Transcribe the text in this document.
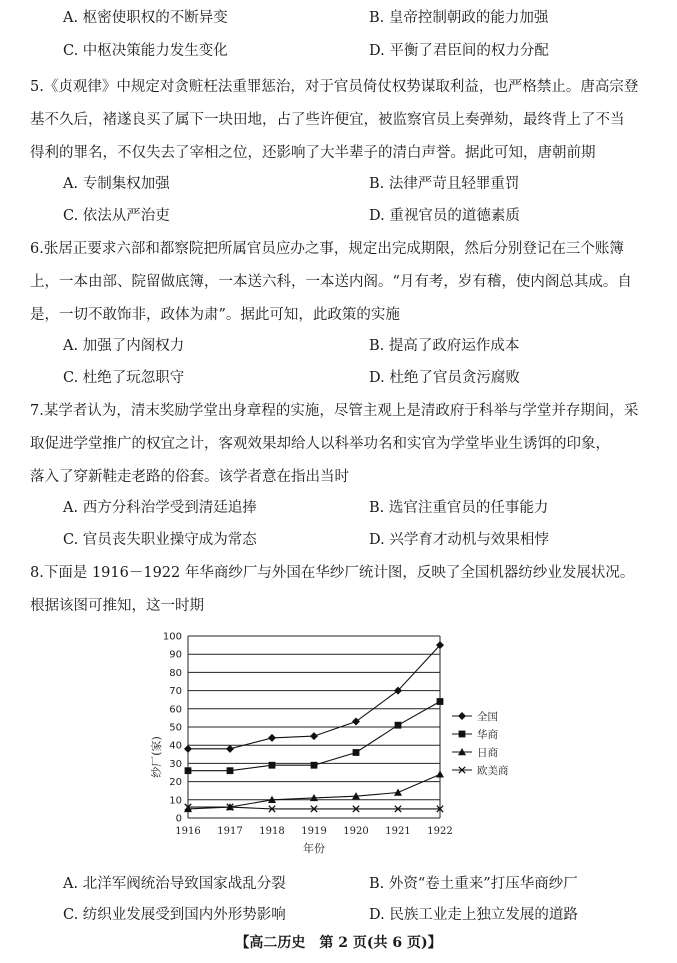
A. 枢密使职权的不断异变	B. 皇帝控制朝政的能力加强
C. 中枢决策能力发生变化	D. 平衡了君臣间的权力分配
5.《贞观律》中规定对贪赃枉法重罪惩治，对于官员倚仗权势谋取利益，也严格禁止。唐高宗登
基不久后，褚遂良买了属下一块田地，占了些许便宜，被监察官员上奏弹劾，最终背上了不当
得利的罪名，不仅失去了宰相之位，还影响了大半辈子的清白声誉。据此可知，唐朝前期
A. 专制集权加强	B. 法律严苛且轻罪重罚
C. 依法从严治吏	D. 重视官员的道德素质
6.张居正要求六部和都察院把所属官员应办之事，规定出完成期限，然后分别登记在三个账簿
上，一本由部、院留做底簿，一本送六科，一本送内阁。“月有考，岁有稽，使内阁总其成。自
是，一切不敢饰非，政体为肃”。据此可知，此政策的实施
A. 加强了内阁权力	B. 提高了政府运作成本
C. 杜绝了玩忽职守	D. 杜绝了官员贪污腐败
7.某学者认为，清末奖励学堂出身章程的实施，尽管主观上是清政府于科举与学堂并存期间，采
取促进学堂推广的权宜之计，客观效果却给人以科举功名和实官为学堂毕业生诱饵的印象，
落入了穿新鞋走老路的俗套。该学者意在指出当时
A. 西方分科治学受到清廷追捧	B. 选官注重官员的任事能力
C. 官员丧失职业操守成为常态	D. 兴学育才动机与效果相悖
8.下面是 1916－1922 年华商纱厂与外国在华纱厂统计图，反映了全国机器纺纱业发展状况。
根据该图可推知，这一时期
0
10
20
30
40
50
60
70
80
90
100
1916 1917 1918 1919 1920 1921 1922
年份
纱厂(家)
全国
华商
日商
欧美商
A. 北洋军阀统治导致国家战乱分裂	B. 外资“卷土重来”打压华商纱厂
C. 纺织业发展受到国内外形势影响	D. 民族工业走上独立发展的道路
【高二历史　第 2 页(共 6 页)】
